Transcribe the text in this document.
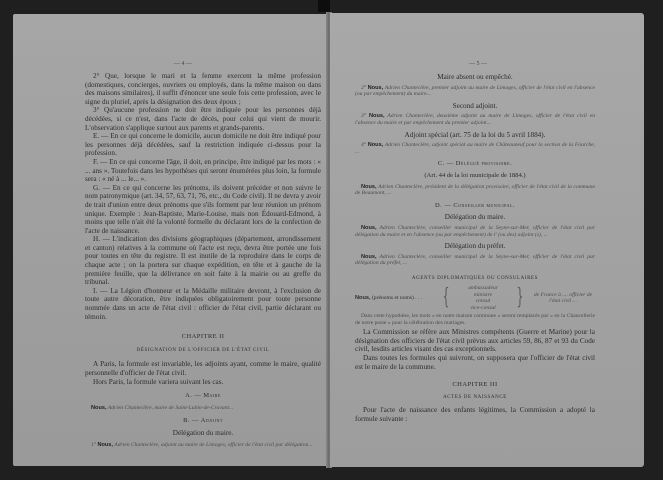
— 4 —

2° Que, lorsque le mari et la femme exercent la même profession (domestiques, concierges, ouvriers ou employés, dans la même maison ou dans des maisons similaires), il suffit d'énoncer une seule fois cette profession, avec le signe du pluriel, après la désignation des deux époux ;

3° Qu'aucune profession ne doit être indiquée pour les personnes déjà décédées, si ce n'est, dans l'acte de décès, pour celui qui vient de mourir. L'observation s'applique surtout aux parents et grands-parents.

E. — En ce qui concerne le domicile, aucun domicile ne doit être indiqué pour les personnes déjà décédées, sauf la restriction indiquée ci-dessus pour la profession.

F. — En ce qui concerne l'âge, il doit, en principe, être indiqué par les mots : « ... ans ». Toutefois dans les hypothèses qui seront énumérées plus loin, la formule sera : « né à ... le... ».

G. — En ce qui concerne les prénoms, ils doivent précéder et non suivre le nom patronymique (art. 34, 57, 63, 71, 76, etc., du Code civil). Il ne devra y avoir de trait d'union entre deux prénoms que s'ils forment par leur réunion un prénom unique. Exemple : Jean-Baptiste, Marie-Louise, mais non Édouard-Edmond, à moins que telle n'ait été la volonté formelle du déclarant lors de la confection de l'acte de naissance.

H. — L'indication des divisions géographiques (département, arrondissement et canton) relatives à la commune où l'acte est reçu, devra être portée une fois pour toutes en tête du registre. Il est inutile de la reproduire dans le corps de chaque acte ; on la portera sur chaque expédition, en tête et à gauche de la première feuille, que la délivrance en soit faite à la mairie ou au greffe du tribunal.

I. — La Légion d'honneur et la Médaille militaire devront, à l'exclusion de toute autre décoration, être indiquées obligatoirement pour toute personne nommée dans un acte de l'état civil : officier de l'état civil, partie déclarant ou témoin.

CHAPITRE II

DÉSIGNATION DE L'OFFICIER DE L'ÉTAT CIVIL

A Paris, la formule est invariable, les adjoints ayant, comme le maire, qualité personnelle d'officier de l'état civil.

Hors Paris, la formule variera suivant les cas.

A. — Maire

Nous, Adrien Chanteclère, maire de Saint-Lubin-de-Cravant...

B. — Adjoint

Délégation du maire.

1° Nous, Adrien Chanteclère, adjoint au maire de Limoges, officier de l'état civil par délégation...

— 5 —

Maire absent ou empêché.

2° Nous, Adrien Chanteclère, premier adjoint au maire de Limoges, officier de l'état civil en l'absence (ou par empêchement) du maire...

Second adjoint.

3° Nous, Adrien Chanteclère, deuxième adjoint au maire de Limoges, officier de l'état civil en l'absence du maire et par empêchement du premier adjoint...

Adjoint spécial (art. 75 de la loi du 5 avril 1884).

4° Nous, Adrien Chanteclère, adjoint spécial au maire de Châteauneuf pour la section de la Fourche, ...

C. — Délégué provisoire.

(Art. 44 de la loi municipale de 1884.)

Nous, Adrien Chanteclère, président de la délégation provisoire, officier de l'état civil de la commune de Beaumont, ...

D. — Conseiller municipal.

Délégation du maire.

Nous, Adrien Chanteclère, conseiller municipal de la Seyne-sur-Mer, officier de l'état civil par délégation du maire et en l'absence (ou par empêchement) de l' (ou des) adjoint (s), ...

Délégation du préfet.

Nous, Adrien Chanteclère, conseiller municipal de la Seyne-sur-Mer, officier de l'état civil par délégation du préfet, ...

AGENTS DIPLOMATIQUES OU CONSULAIRES

Nous, (prénoms et noms) . . . {	ambassadeur
ministre
consul
vice-consul }	de France à .... officier de
l'état civil ...

Dans cette hypothèse, les mots « en notre maison commune » seront remplacés par « en la Chancellerie de notre poste » pour la célébration des mariages.

La Commission se réfère aux Ministres compétents (Guerre et Marine) pour la désignation des officiers de l'état civil prévus aux articles 59, 86, 87 et 93 du Code civil, lesdits articles visant des cas exceptionnels.

Dans toutes les formules qui suivront, on supposera que l'officier de l'état civil est le maire de la commune.

CHAPITRE III

ACTES DE NAISSANCE

Pour l'acte de naissance des enfants légitimes, la Commission a adopté la formule suivante :
